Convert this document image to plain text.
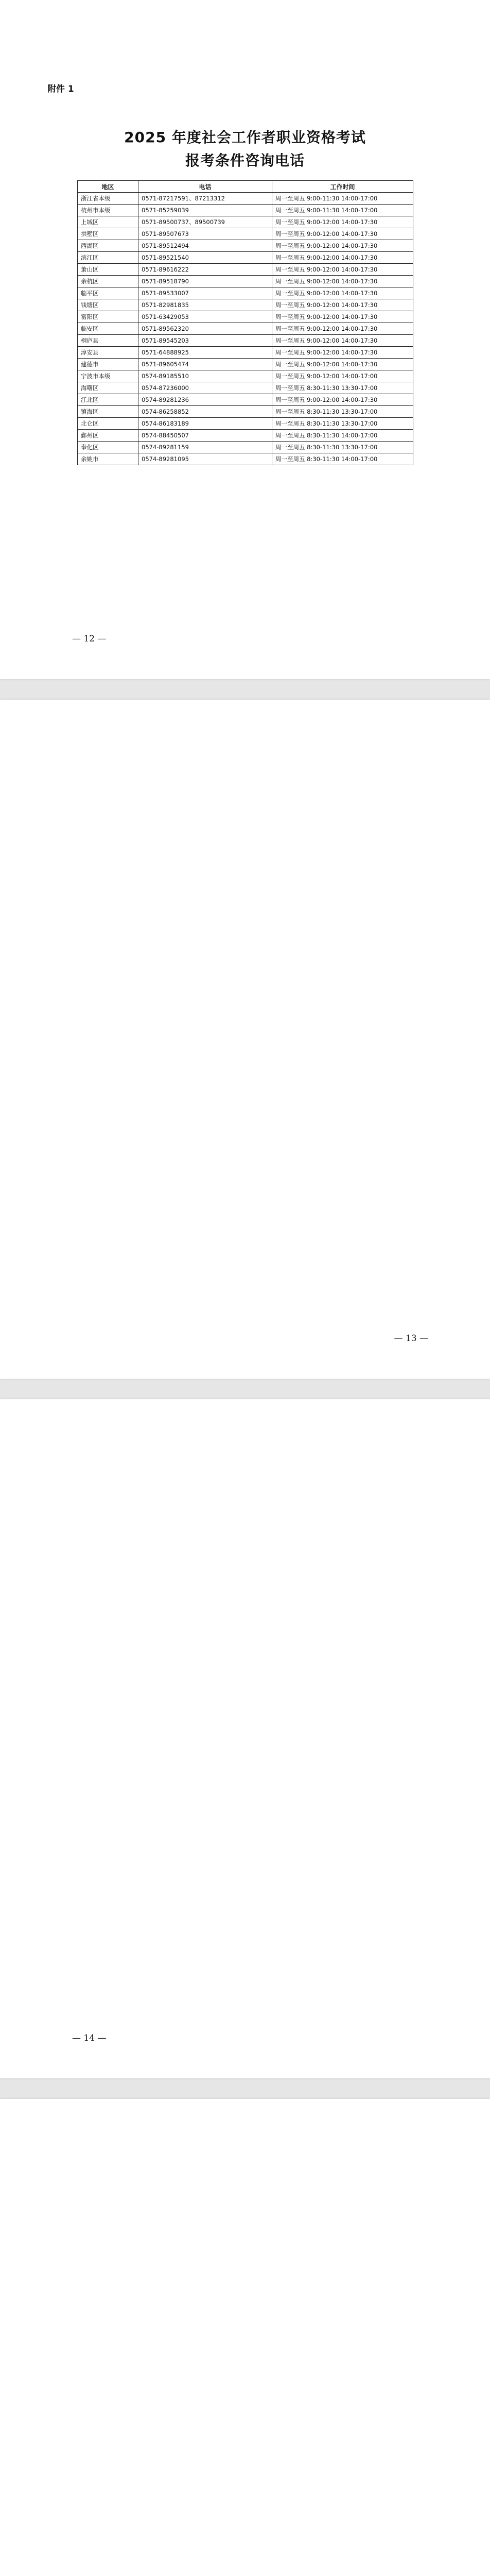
附件 1
2025 年度社会工作者职业资格考试
报考条件咨询电话
地区	电话	工作时间
浙江省本级	0571-87217591、87213312	周一至周五 9:00-11:30 14:00-17:00
杭州市本级	0571-85259039	周一至周五 9:00-11:30 14:00-17:00
上城区	0571-89500737、89500739	周一至周五 9:00-12:00 14:00-17:30
拱墅区	0571-89507673	周一至周五 9:00-12:00 14:00-17:30
西湖区	0571-89512494	周一至周五 9:00-12:00 14:00-17:30
滨江区	0571-89521540	周一至周五 9:00-12:00 14:00-17:30
萧山区	0571-89616222	周一至周五 9:00-12:00 14:00-17:30
余杭区	0571-89518790	周一至周五 9:00-12:00 14:00-17:30
临平区	0571-89533007	周一至周五 9:00-12:00 14:00-17:30
钱塘区	0571-82981835	周一至周五 9:00-12:00 14:00-17:30
富阳区	0571-63429053	周一至周五 9:00-12:00 14:00-17:30
临安区	0571-89562320	周一至周五 9:00-12:00 14:00-17:30
桐庐县	0571-89545203	周一至周五 9:00-12:00 14:00-17:30
淳安县	0571-64888925	周一至周五 9:00-12:00 14:00-17:30
建德市	0571-89605474	周一至周五 9:00-12:00 14:00-17:30
宁波市本级	0574-89185510	周一至周五 9:00-12:00 14:00-17:00
海曙区	0574-87236000	周一至周五 8:30-11:30 13:30-17:00
江北区	0574-89281236	周一至周五 9:00-12:00 14:00-17:30
镇海区	0574-86258852	周一至周五 8:30-11:30 13:30-17:00
北仑区	0574-86183189	周一至周五 8:30-11:30 13:30-17:00
鄞州区	0574-88450507	周一至周五 8:30-11:30 14:00-17:00
奉化区	0574-89281159	周一至周五 8:30-11:30 13:30-17:00
余姚市	0574-89281095	周一至周五 8:30-11:30 14:00-17:00
— 12 —

— 13 —

— 14 —
